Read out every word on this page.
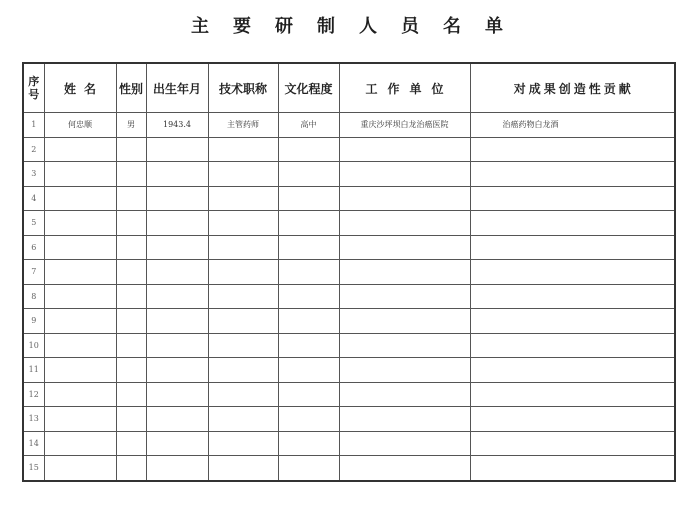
主要研制人员名单
序号	姓名	性别	出生年月	技术职称	文化程度	工作单位	对成果创造性贡献
1	何忠顺	男	1943.4	主管药师	高中	重庆沙坪坝白龙治癌医院	治癌药物白龙酒
2							
3							
4							
5							
6							
7							
8							
9							
10							
11							
12							
13							
14							
15							
